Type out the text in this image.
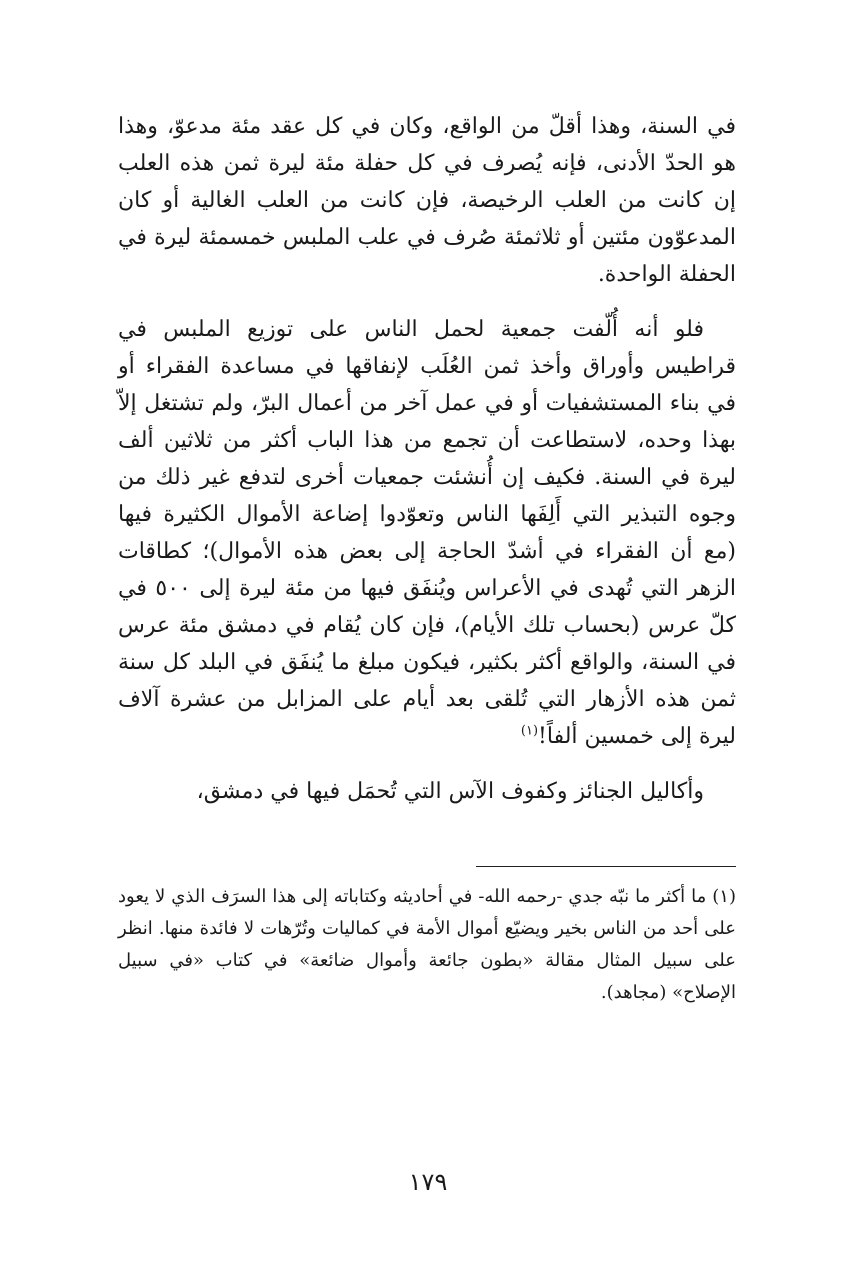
في السنة، وهذا أقلّ من الواقع، وكان في كل عقد مئة مدعوّ، وهذا هو الحدّ الأدنى، فإنه يُصرف في كل حفلة مئة ليرة ثمن هذه العلب إن كانت من العلب الرخيصة، فإن كانت من العلب الغالية أو كان المدعوّون مئتين أو ثلاثمئة صُرف في علب الملبس خمسمئة ليرة في الحفلة الواحدة.

فلو أنه أُلّفت جمعية لحمل الناس على توزيع الملبس في قراطيس وأوراق وأخذ ثمن العُلَب لإنفاقها في مساعدة الفقراء أو في بناء المستشفيات أو في عمل آخر من أعمال البرّ، ولم تشتغل إلاّ بهذا وحده، لاستطاعت أن تجمع من هذا الباب أكثر من ثلاثين ألف ليرة في السنة. فكيف إن أُنشئت جمعيات أخرى لتدفع غير ذلك من وجوه التبذير التي أَلِفَها الناس وتعوّدوا إضاعة الأموال الكثيرة فيها (مع أن الفقراء في أشدّ الحاجة إلى بعض هذه الأموال)؛ كطاقات الزهر التي تُهدى في الأعراس ويُنفَق فيها من مئة ليرة إلى ٥٠٠ في كلّ عرس (بحساب تلك الأيام)، فإن كان يُقام في دمشق مئة عرس في السنة، والواقع أكثر بكثير، فيكون مبلغ ما يُنفَق في البلد كل سنة ثمن هذه الأزهار التي تُلقى بعد أيام على المزابل من عشرة آلاف ليرة إلى خمسين ألفاً!$^{(١)}$

وأكاليل الجنائز وكفوف الآس التي تُحمَل فيها في دمشق،

(١) ما أكثر ما نبّه جدي -رحمه الله- في أحاديثه وكتاباته إلى هذا السرَف الذي لا يعود على أحد من الناس بخير ويضيّع أموال الأمة في كماليات وتُرّهات لا فائدة منها. انظر على سبيل المثال مقالة «بطون جائعة وأموال ضائعة» في كتاب «في سبيل الإصلاح» (مجاهد).
١٧٩
